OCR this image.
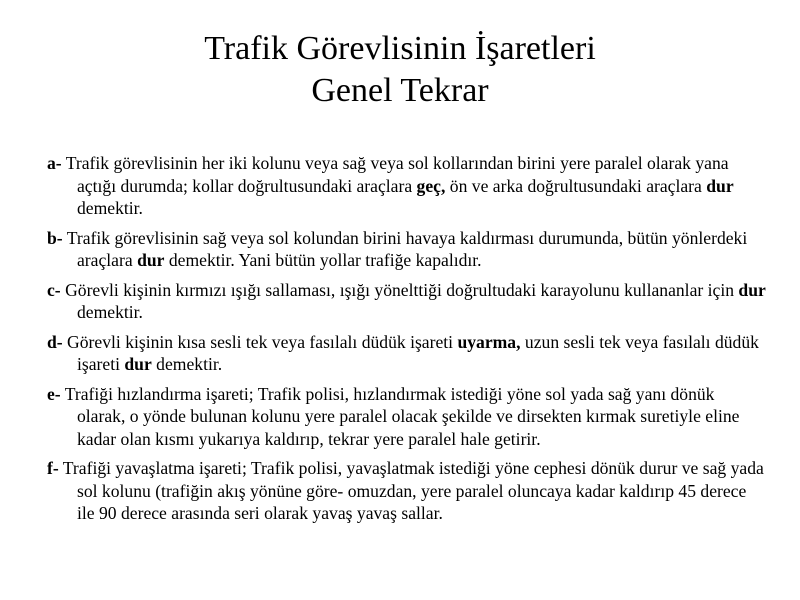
Trafik Görevlisinin İşaretleri
Genel Tekrar
a- Trafik görevlisinin her iki kolunu veya sağ veya sol kollarından birini yere paralel olarak yana açtığı durumda; kollar doğrultusundaki araçlara geç, ön ve arka doğrultusundaki araçlara dur demektir.
b- Trafik görevlisinin sağ veya sol kolundan birini havaya kaldırması durumunda, bütün yönlerdeki araçlara dur demektir. Yani bütün yollar trafiğe kapalıdır.
c- Görevli kişinin kırmızı ışığı sallaması, ışığı yönelttiği doğrultudaki karayolunu kullananlar için dur demektir.
d- Görevli kişinin kısa sesli tek veya fasılalı düdük işareti uyarma, uzun sesli tek veya fasılalı düdük işareti dur demektir.
e- Trafiği hızlandırma işareti; Trafik polisi, hızlandırmak istediği yöne sol yada sağ yanı dönük olarak, o yönde bulunan kolunu yere paralel olacak şekilde ve dirsekten kırmak suretiyle eline kadar olan kısmı yukarıya kaldırıp, tekrar yere paralel hale getirir.
f- Trafiği yavaşlatma işareti; Trafik polisi, yavaşlatmak istediği yöne cephesi dönük durur ve sağ yada sol kolunu (trafiğin akış yönüne göre- omuzdan, yere paralel oluncaya kadar kaldırıp 45 derece ile 90 derece arasında seri olarak yavaş yavaş sallar.
